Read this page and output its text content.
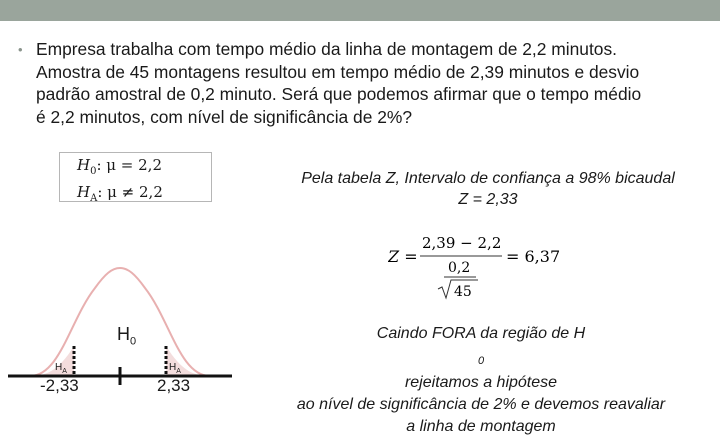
• Empresa trabalha com tempo médio da linha de montagem de 2,2 minutos.
Amostra de 45 montagens resultou em tempo médio de 2,39 minutos e desvio
padrão amostral de 0,2 minuto. Será que podemos afirmar que o tempo médio
é 2,2 minutos, com nível de significância de 2%?
$H_0$: μ = 2,2
$H_A$: μ ≠ 2,2
Pela tabela Z, Intervalo de confiança a 98% bicaudal
Z = 2,33
Z =
2,39 − 2,2
0,2
45
= 6,37
$H_0$
$H_A$	$H_A$
-2,33	2,33
Caindo FORA da região de H
$_0$
rejeitamos a hipótese
ao nível de significância de 2% e devemos reavaliar
a linha de montagem
